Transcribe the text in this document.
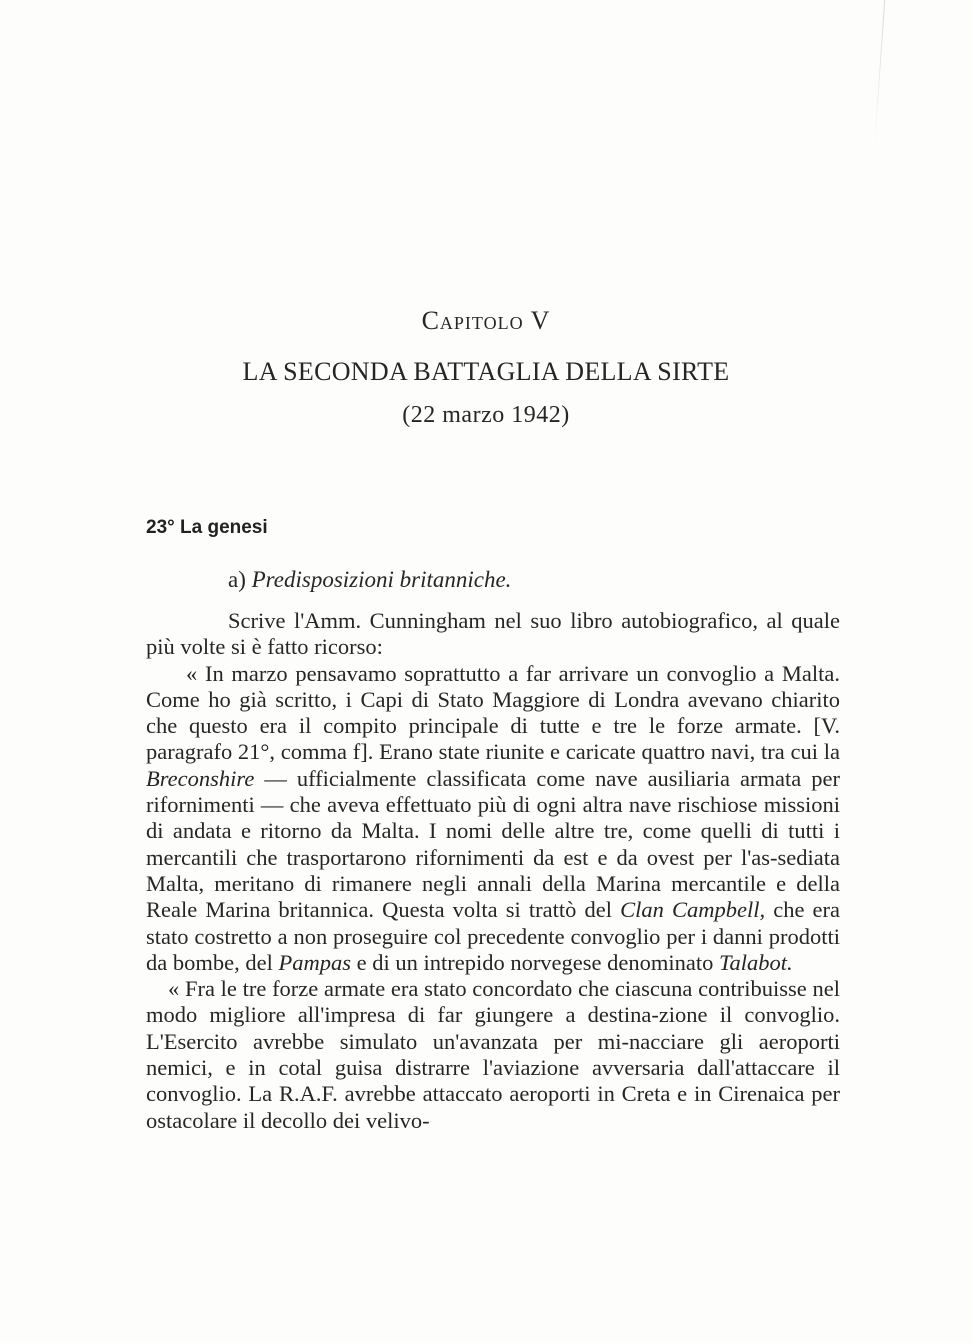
Capitolo V
LA SECONDA BATTAGLIA DELLA SIRTE
(22 marzo 1942)
23° La genesi
a) Predisposizioni britanniche.

Scrive l'Amm. Cunningham nel suo libro autobiografico, al quale più volte si è fatto ricorso:

« In marzo pensavamo soprattutto a far arrivare un convoglio a Malta. Come ho già scritto, i Capi di Stato Maggiore di Londra avevano chiarito che questo era il compito principale di tutte e tre le forze armate. [V. paragrafo 21°, comma f]. Erano state riunite e caricate quattro navi, tra cui la Breconshire — ufficialmente classificata come nave ausiliaria armata per rifornimenti — che aveva effettuato più di ogni altra nave rischiose missioni di andata e ritorno da Malta. I nomi delle altre tre, come quelli di tutti i mercantili che trasportarono rifornimenti da est e da ovest per l'as-sediata Malta, meritano di rimanere negli annali della Marina mercantile e della Reale Marina britannica. Questa volta si trattò del Clan Campbell, che era stato costretto a non proseguire col precedente convoglio per i danni prodotti da bombe, del Pampas e di un intrepido norvegese denominato Talabot.

« Fra le tre forze armate era stato concordato che ciascuna contribuisse nel modo migliore all'impresa di far giungere a destina-zione il convoglio. L'Esercito avrebbe simulato un'avanzata per mi-nacciare gli aeroporti nemici, e in cotal guisa distrarre l'aviazione avversaria dall'attaccare il convoglio. La R.A.F. avrebbe attaccato aeroporti in Creta e in Cirenaica per ostacolare il decollo dei velivo-
